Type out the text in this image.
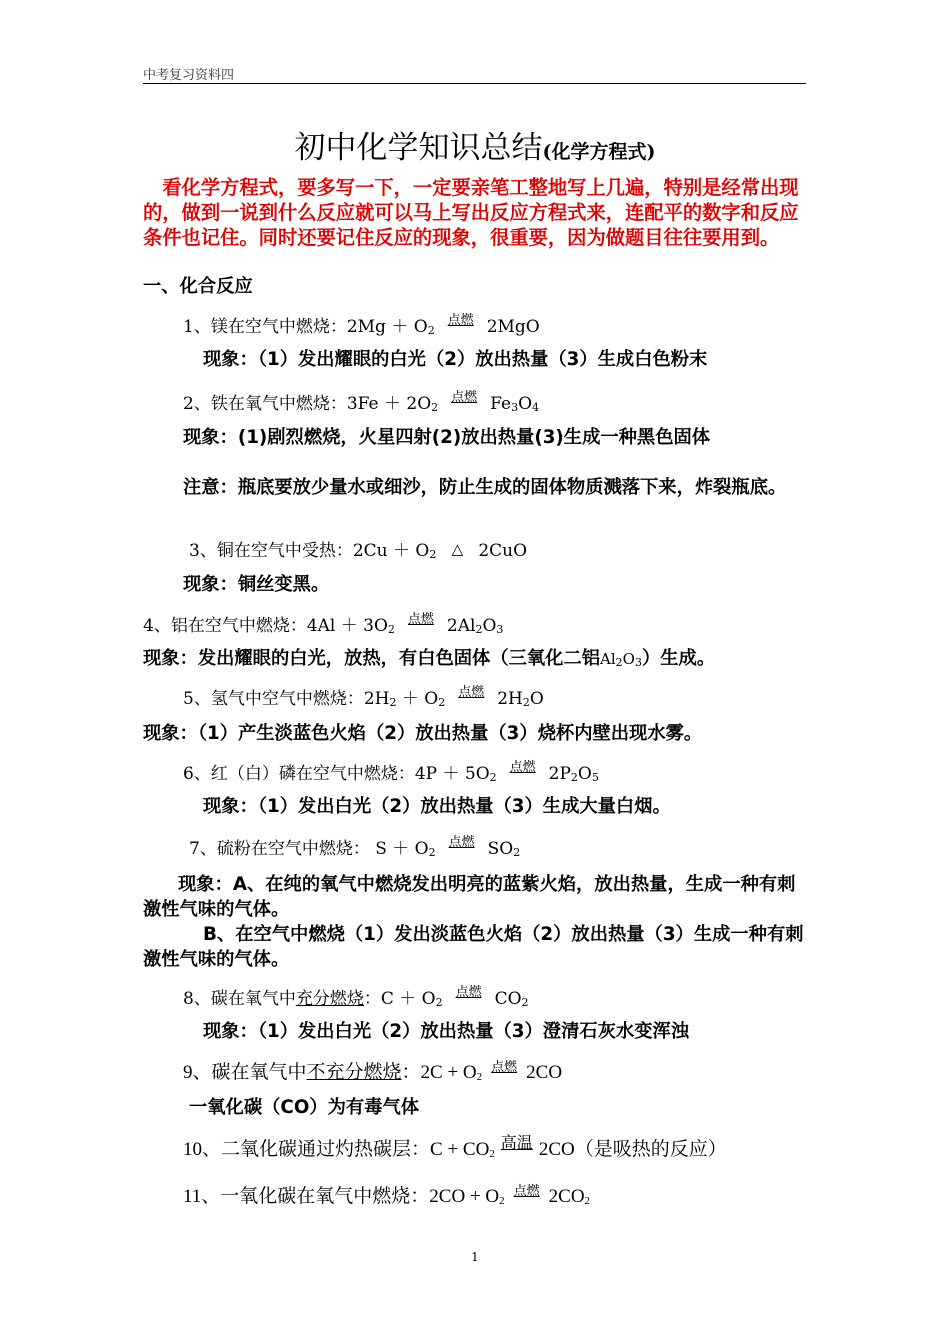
中考复习资料四
初中化学知识总结(化学方程式)
　看化学方程式，要多写一下，一定要亲笔工整地写上几遍，特别是经常出现的，做到一说到什么反应就可以马上写出反应方程式来，连配平的数字和反应条件也记住。同时还要记住反应的现象，很重要，因为做题目往往要用到。
一、化合反应
1、镁在空气中燃烧：$2Mg + O_2$
点燃 2MgO
现象：（1）发出耀眼的白光（2）放出热量（3）生成白色粉末
2、铁在氧气中燃烧：$3Fe + 2O_2$
点燃 $Fe_3O_4$
现象：(1)剧烈燃烧，火星四射(2)放出热量(3)生成一种黑色固体
注意：瓶底要放少量水或细沙，防止生成的固体物质溅落下来，炸裂瓶底。
3、铜在空气中受热：$2Cu + O_2$	△ 2CuO
现象：铜丝变黑。
4、铝在空气中燃烧：$4Al + 3O_2$
点燃 $2Al_2O_3$
现象：发出耀眼的白光，放热，有白色固体（三氧化二铝$Al_2O_3$）生成。
5、氢气中空气中燃烧：$2H_2 + O_2$
点燃 $2H_2O$
现象：（1）产生淡蓝色火焰（2）放出热量（3）烧杯内壁出现水雾。
6、红（白）磷在空气中燃烧：$4P + 5O_2$
点燃 $2P_2O_5$
现象：（1）发出白光（2）放出热量（3）生成大量白烟。
7、硫粉在空气中燃烧： $S + O_2$
点燃 $SO_2$
现象：A、在纯的氧气中燃烧发出明亮的蓝紫火焰，放出热量，生成一种有刺激性气味的气体。
B、在空气中燃烧（1）发出淡蓝色火焰（2）放出热量（3）生成一种有刺激性气味的气体。
8、碳在氧气中充分燃烧：$C + O_2$
点燃 $CO_2$
现象：（1）发出白光（2）放出热量（3）澄清石灰水变浑浊
9、碳在氧气中不充分燃烧：$2C + O_2$
点燃 2CO
一氧化碳（CO）为有毒气体
10、二氧化碳通过灼热碳层：$C + CO_2$
高温 2CO（是吸热的反应）
11、一氧化碳在氧气中燃烧：$2CO + O_2$
点燃 $2CO_2$
1
